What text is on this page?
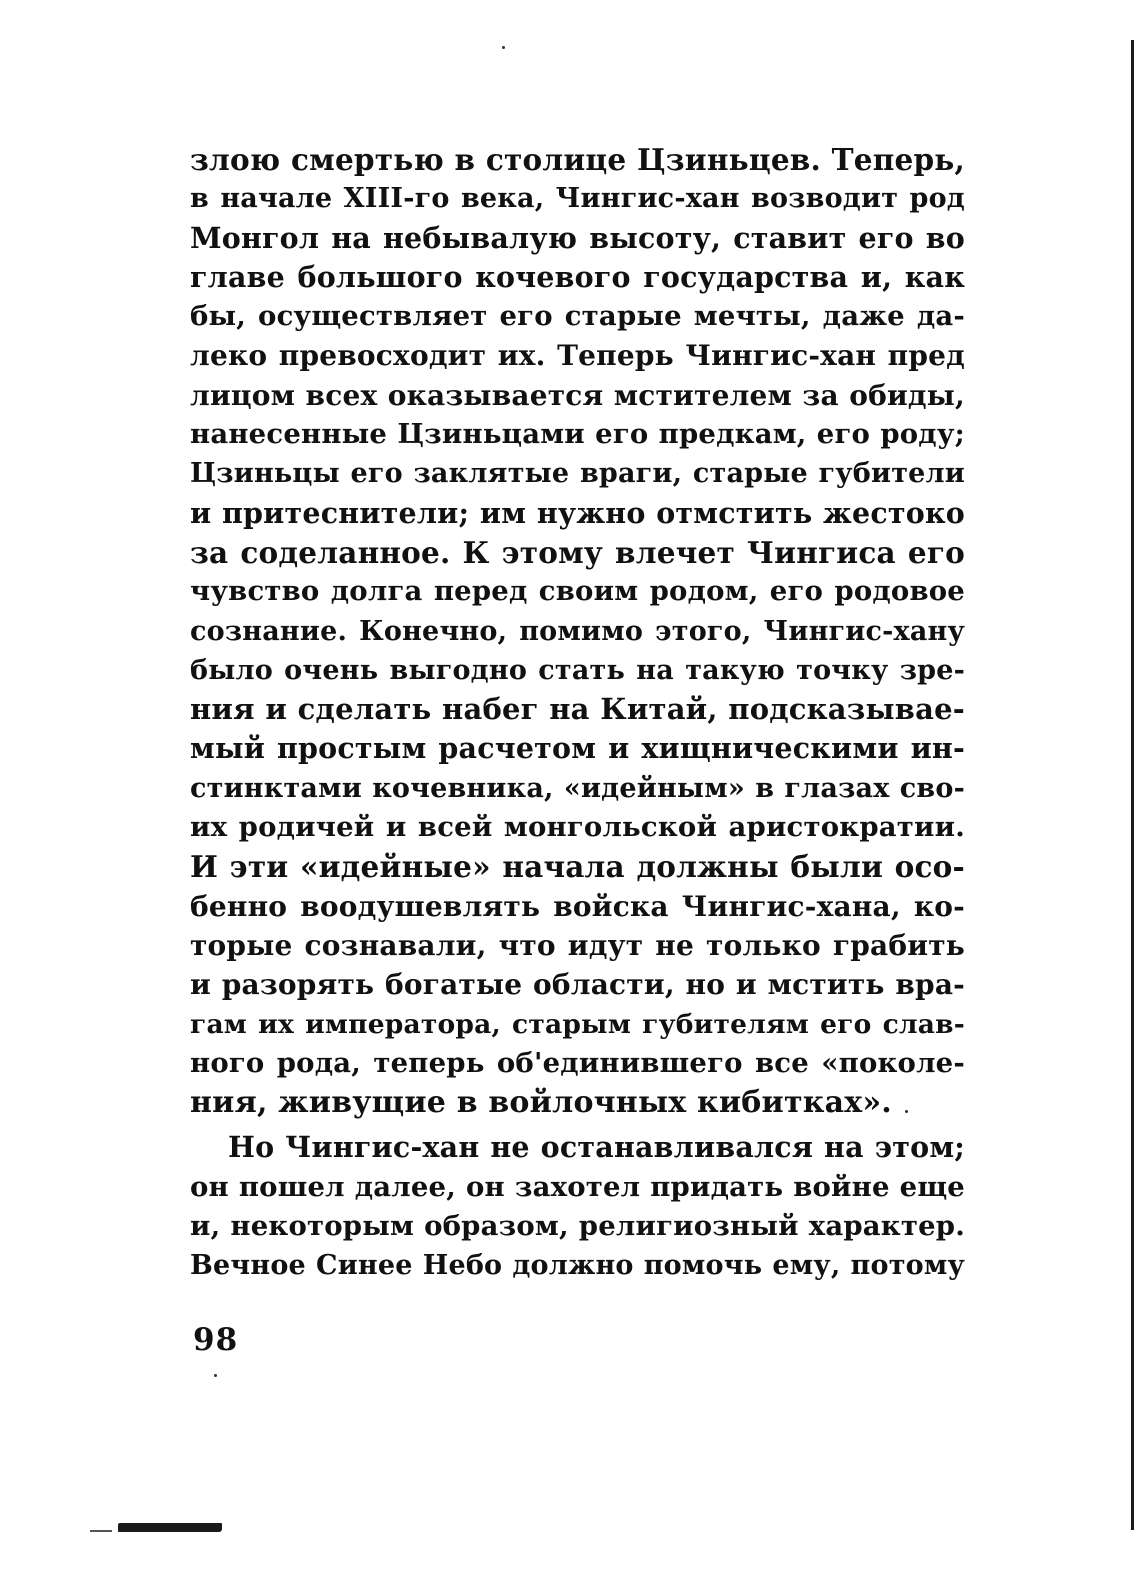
злою смертью в столице Цзиньцев. Теперь,
в начале XIII-го века, Чингис-хан возводит род
Монгол на небывалую высоту, ставит его во
главе большого кочевого государства и, как
бы, осуществляет его старые мечты, даже да-
леко превосходит их. Теперь Чингис-хан пред
лицом всех оказывается мстителем за обиды,
нанесенные Цзиньцами его предкам, его роду;
Цзиньцы его заклятые враги, старые губители
и притеснители; им нужно отмстить жестоко
за соделанное. К этому влечет Чингиса его
чувство долга перед своим родом, его родовое
сознание. Конечно, помимо этого, Чингис-хану
было очень выгодно стать на такую точку зре-
ния и сделать набег на Китай, подсказывае-
мый простым расчетом и хищническими ин-
стинктами кочевника, «идейным» в глазах сво-
их родичей и всей монгольской аристократии.
И эти «идейные» начала должны были осо-
бенно воодушевлять войска Чингис-хана, ко-
торые сознавали, что идут не только грабить
и разорять богатые области, но и мстить вра-
гам их императора, старым губителям его слав-
ного рода, теперь об'единившего все «поколе-
ния, живущие в войлочных кибитках».
Но Чингис-хан не останавливался на этом;
он пошел далее, он захотел придать войне еще
и, некоторым образом, религиозный характер.
Вечное Синее Небо должно помочь ему, потому
98
